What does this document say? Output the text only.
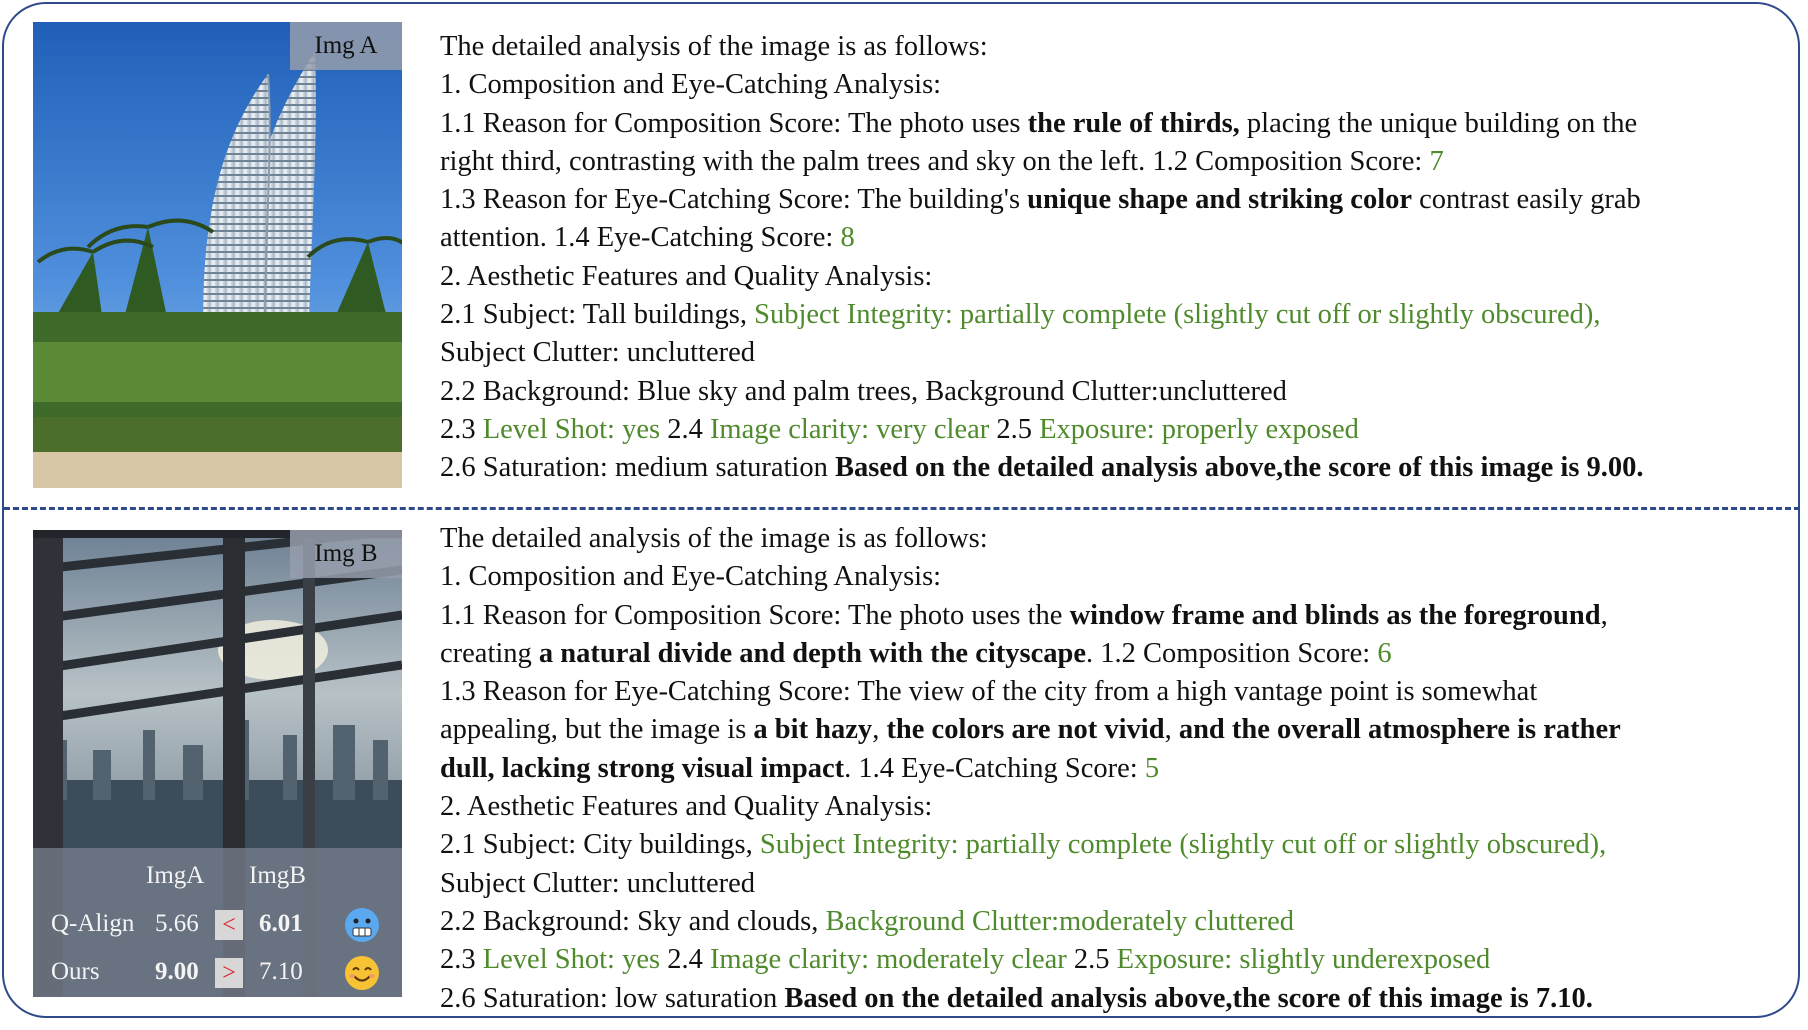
Img A	The detailed analysis of the image is as follows:
1. Composition and Eye-Catching Analysis:
1.1 Reason for Composition Score: The photo uses the rule of thirds, placing the unique building on the
right third, contrasting with the palm trees and sky on the left. 1.2 Composition Score: 7
1.3 Reason for Eye-Catching Score: The building's unique shape and striking color contrast easily grab
attention. 1.4 Eye-Catching Score: 8
2. Aesthetic Features and Quality Analysis:
2.1 Subject: Tall buildings, Subject Integrity: partially complete (slightly cut off or slightly obscured),
Subject Clutter: uncluttered
2.2 Background: Blue sky and palm trees, Background Clutter:uncluttered
2.3 Level Shot: yes 2.4 Image clarity: very clear 2.5 Exposure: properly exposed
2.6 Saturation: medium saturation Based on the detailed analysis above,the score of this image is 9.00.
Img B
ImgA ImgB
Q-Align 5.66 < 6.01
Ours 9.00 > 7.10
The detailed analysis of the image is as follows:
1. Composition and Eye-Catching Analysis:
1.1 Reason for Composition Score: The photo uses the window frame and blinds as the foreground,
creating a natural divide and depth with the cityscape. 1.2 Composition Score: 6
1.3 Reason for Eye-Catching Score: The view of the city from a high vantage point is somewhat
appealing, but the image is a bit hazy, the colors are not vivid, and the overall atmosphere is rather
dull, lacking strong visual impact. 1.4 Eye-Catching Score: 5
2. Aesthetic Features and Quality Analysis:
2.1 Subject: City buildings, Subject Integrity: partially complete (slightly cut off or slightly obscured),
Subject Clutter: uncluttered
2.2 Background: Sky and clouds, Background Clutter:moderately cluttered
2.3 Level Shot: yes 2.4 Image clarity: moderately clear 2.5 Exposure: slightly underexposed
2.6 Saturation: low saturation Based on the detailed analysis above,the score of this image is 7.10.
